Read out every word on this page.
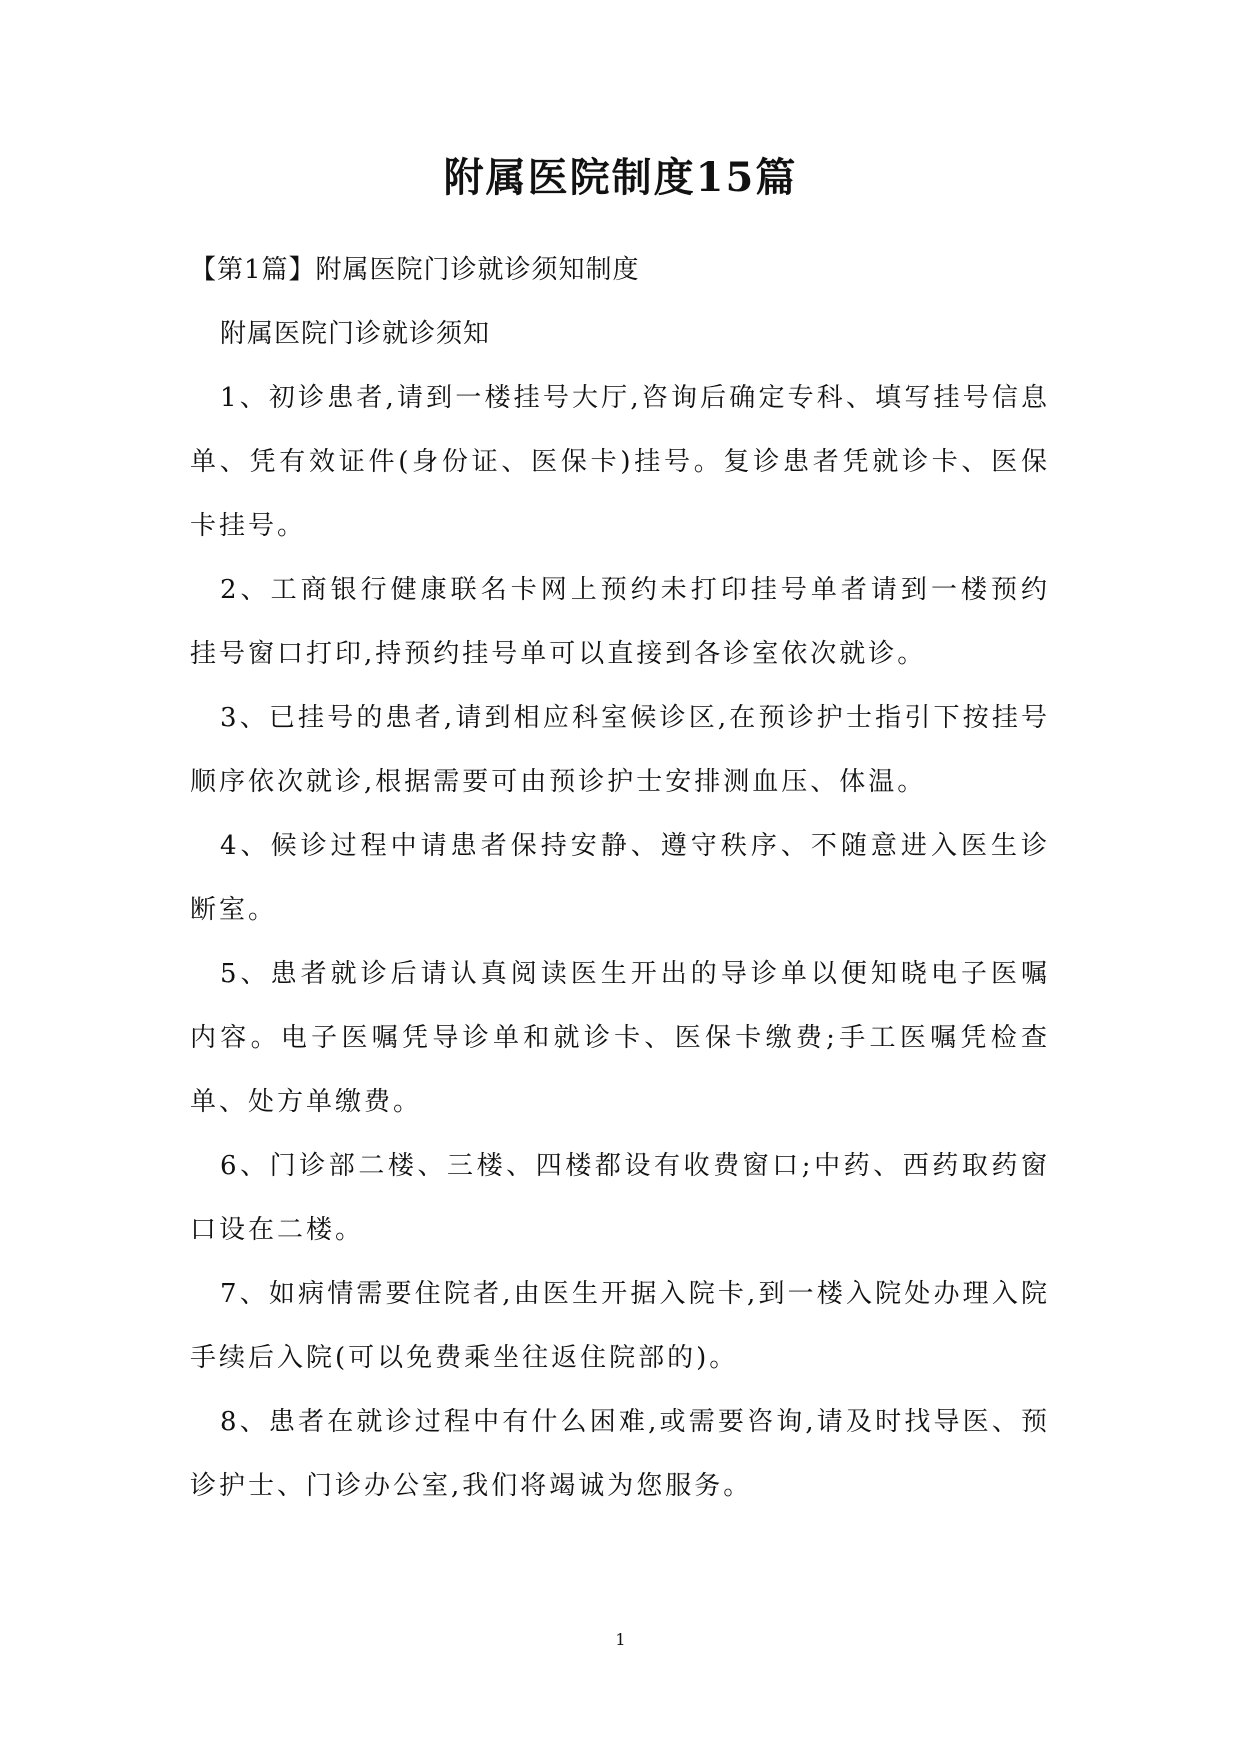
附属医院制度15篇

【第1篇】附属医院门诊就诊须知制度

附属医院门诊就诊须知

1、初诊患者,请到一楼挂号大厅,咨询后确定专科、填写挂号信息单、凭有效证件(身份证、医保卡)挂号。复诊患者凭就诊卡、医保卡挂号。

2、工商银行健康联名卡网上预约未打印挂号单者请到一楼预约挂号窗口打印,持预约挂号单可以直接到各诊室依次就诊。

3、已挂号的患者,请到相应科室候诊区,在预诊护士指引下按挂号顺序依次就诊,根据需要可由预诊护士安排测血压、体温。

4、候诊过程中请患者保持安静、遵守秩序、不随意进入医生诊断室。

5、患者就诊后请认真阅读医生开出的导诊单以便知晓电子医嘱内容。电子医嘱凭导诊单和就诊卡、医保卡缴费;手工医嘱凭检查单、处方单缴费。

6、门诊部二楼、三楼、四楼都设有收费窗口;中药、西药取药窗口设在二楼。

7、如病情需要住院者,由医生开据入院卡,到一楼入院处办理入院手续后入院(可以免费乘坐往返住院部的)。

8、患者在就诊过程中有什么困难,或需要咨询,请及时找导医、预诊护士、门诊办公室,我们将竭诚为您服务。

1
